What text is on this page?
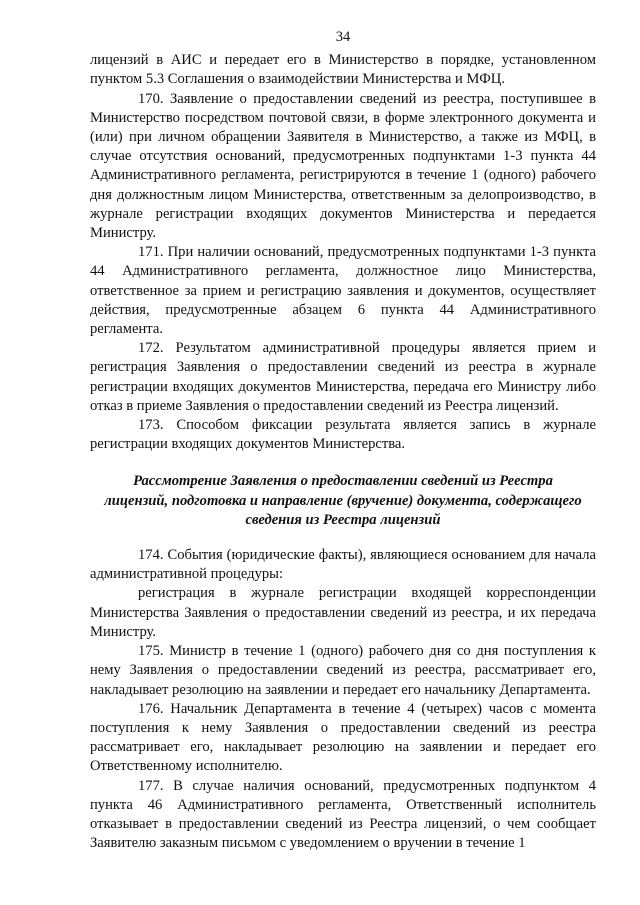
34

лицензий в АИС и передает его в Министерство в порядке, установленном пунктом 5.3 Соглашения о взаимодействии Министерства и МФЦ.

170. Заявление о предоставлении сведений из реестра, поступившее в Министерство посредством почтовой связи, в форме электронного документа и (или) при личном обращении Заявителя в Министерство, а также из МФЦ, в случае отсутствия оснований, предусмотренных подпунктами 1-3 пункта 44 Административного регламента, регистрируются в течение 1 (одного) рабочего дня должностным лицом Министерства, ответственным за делопроизводство, в журнале регистрации входящих документов Министерства и передается Министру.

171. При наличии оснований, предусмотренных подпунктами 1-3 пункта 44 Административного регламента, должностное лицо Министерства, ответственное за прием и регистрацию заявления и документов, осуществляет действия, предусмотренные абзацем 6 пункта 44 Административного регламента.

172. Результатом административной процедуры является прием и регистрация Заявления о предоставлении сведений из реестра в журнале регистрации входящих документов Министерства, передача его Министру либо отказ в приеме Заявления о предоставлении сведений из Реестра лицензий.

173. Способом фиксации результата является запись в журнале регистрации входящих документов Министерства.

Рассмотрение Заявления о предоставлении сведений из Реестра лицензий, подготовка и направление (вручение) документа, содержащего сведения из Реестра лицензий

174. События (юридические факты), являющиеся основанием для начала административной процедуры:

регистрация в журнале регистрации входящей корреспонденции Министерства Заявления о предоставлении сведений из реестра, и их передача Министру.

175. Министр в течение 1 (одного) рабочего дня со дня поступления к нему Заявления о предоставлении сведений из реестра, рассматривает его, накладывает резолюцию на заявлении и передает его начальнику Департамента.

176. Начальник Департамента в течение 4 (четырех) часов с момента поступления к нему Заявления о предоставлении сведений из реестра рассматривает его, накладывает резолюцию на заявлении и передает его Ответственному исполнителю.

177. В случае наличия оснований, предусмотренных подпунктом 4 пункта 46 Административного регламента, Ответственный исполнитель отказывает в предоставлении сведений из Реестра лицензий, о чем сообщает Заявителю заказным письмом с уведомлением о вручении в течение 1
